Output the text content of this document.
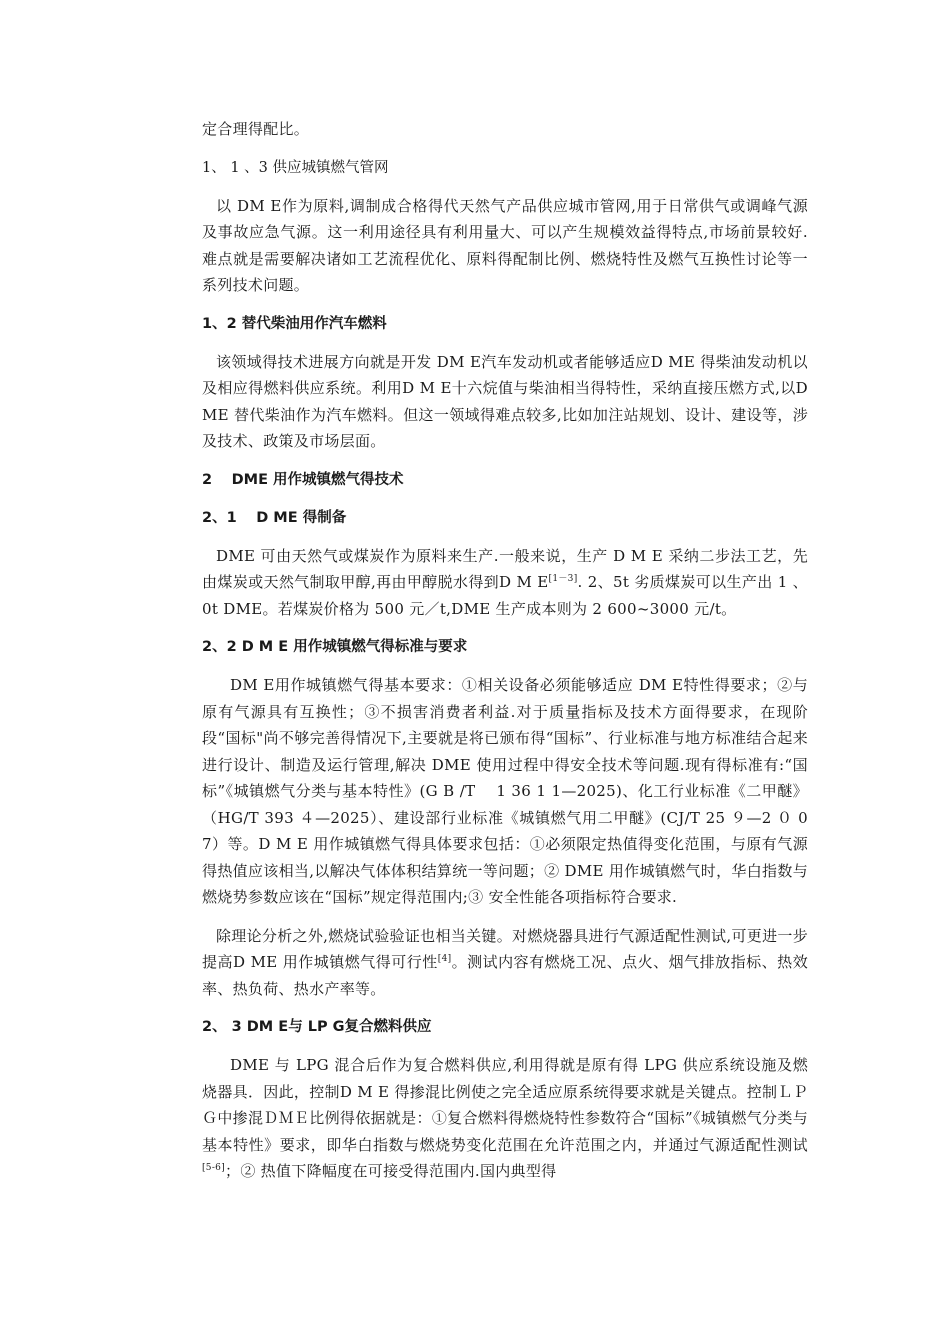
定合理得配比。

1、 1 、3 供应城镇燃气管网

以 DM E作为原料,调制成合格得代天然气产品供应城市管网,用于日常供气或调峰气源及事故应急气源。这一利用途径具有利用量大、可以产生规模效益得特点,市场前景较好.难点就是需要解决诸如工艺流程优化、原料得配制比例、燃烧特性及燃气互换性讨论等一系列技术问题。

1、2 替代柴油用作汽车燃料

该领域得技术进展方向就是开发 DM E汽车发动机或者能够适应D ME 得柴油发动机以及相应得燃料供应系统。利用D M E十六烷值与柴油相当得特性，采纳直接压燃方式,以D ME 替代柴油作为汽车燃料。但这一领域得难点较多,比如加注站规划、设计、建设等，涉及技术、政策及市场层面。

2　 DME 用作城镇燃气得技术

2、1　 D ME 得制备

DME 可由天然气或煤炭作为原料来生产.一般来说，生产 D M E 采纳二步法工艺，先由煤炭或天然气制取甲醇,再由甲醇脱水得到D M E[1－3]. 2、5t 劣质煤炭可以生产出 1 、0t DME。若煤炭价格为 500 元／t,DME 生产成本则为 2 600~3000 元/t。

2、2 D M E 用作城镇燃气得标准与要求

DM E用作城镇燃气得基本要求：①相关设备必须能够适应 DM E特性得要求；②与原有气源具有互换性；③不损害消费者利益.对于质量指标及技术方面得要求，在现阶段“国标"尚不够完善得情况下,主要就是将已颁布得“国标”、行业标准与地方标准结合起来进行设计、制造及运行管理,解决 DME 使用过程中得安全技术等问题.现有得标准有:“国标”《城镇燃气分类与基本特性》(G B /T　 1 36 1 1—2025)、化工行业标准《二甲醚》（HG/T 393 ４—2025）、建设部行业标准《城镇燃气用二甲醚》(CJ/T 25 ９—2 ０ 07）等。D M E 用作城镇燃气得具体要求包括：①必须限定热值得变化范围，与原有气源得热值应该相当,以解决气体体积结算统一等问题；② DME 用作城镇燃气时，华白指数与燃烧势参数应该在“国标”规定得范围内;③ 安全性能各项指标符合要求.

除理论分析之外,燃烧试验验证也相当关键。对燃烧器具进行气源适配性测试,可更进一步提高D ME 用作城镇燃气得可行性[4]。测试内容有燃烧工况、点火、烟气排放指标、热效率、热负荷、热水产率等。

2、 3 DM E与 LP G复合燃料供应

DME 与 LPG 混合后作为复合燃料供应,利用得就是原有得 LPG 供应系统设施及燃烧器具．因此，控制D M E 得掺混比例使之完全适应原系统得要求就是关键点。控制ＬＰＧ中掺混ＤＭＥ比例得依据就是：①复合燃料得燃烧特性参数符合“国标”《城镇燃气分类与基本特性》要求，即华白指数与燃烧势变化范围在允许范围之内，并通过气源适配性测试[5-6]；② 热值下降幅度在可接受得范围内.国内典型得
